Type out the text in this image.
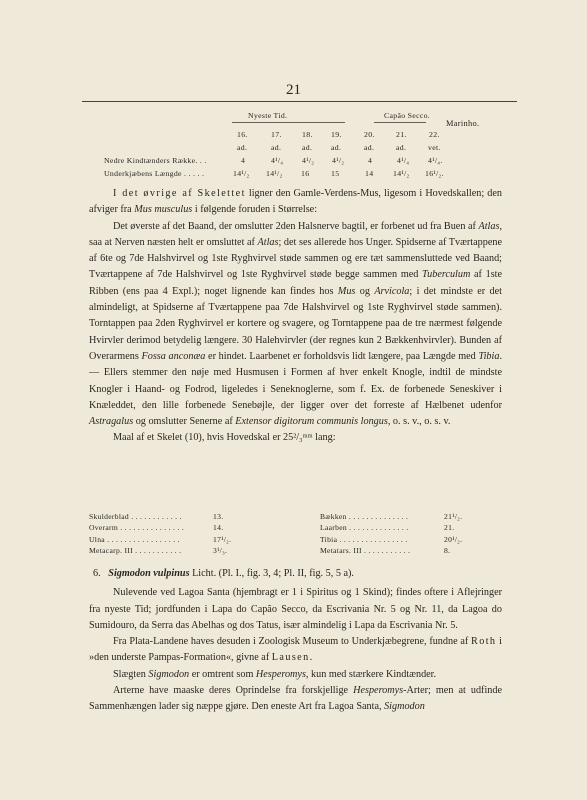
21
Nyeste Tid.	Capão Secco.
Marinho.
16.	17.	18. 19.	20.	21.	22.
ad.	ad.	ad. ad.	ad.	ad.	vet.
Nedre Kindtænders Række. . .	4	4¹/₄ 4¹/₂ 4¹/₂	4	4¹/₄ 4¹/₄.
Underkjæbens Længde . . . . .	14¹/₂ 14¹/₂ 16	15	14	14¹/₂ 16¹/₂.

I det øvrige af Skelettet ligner den Gamle-Verdens-Mus, ligesom i Hovedskallen; den afviger fra Mus musculus i følgende foruden i Størrelse:

Det øverste af det Baand, der omslutter 2den Halsnerve bagtil, er forbenet ud fra Buen af Atlas, saa at Nerven næsten helt er omsluttet af Atlas; det ses allerede hos Unger. Spidserne af Tværtappene af 6te og 7de Halshvirvel og 1ste Ryghvirvel støde sammen og ere tæt sammensluttede ved Baand; Tværtappene af 7de Halshvirvel og 1ste Ryghvirvel støde begge sammen med Tuberculum af 1ste Ribben (ens paa 4 Expl.); noget lignende kan findes hos Mus og Arvicola; i det mindste er det almindeligt, at Spidserne af Tværtappene paa 7de Halshvirvel og 1ste Ryghvirvel støde sammen). Torntappen paa 2den Ryghvirvel er kortere og svagere, og Torntappene paa de tre nærmest følgende Hvirvler derimod betydelig længere. 30 Halehvirvler (der regnes kun 2 Bækkenhvirvler). Bunden af Overarmens Fossa anconæa er hindet. Laarbenet er forholdsvis lidt længere, paa Længde med Tibia. — Ellers stemmer den nøje med Husmusen i Formen af hver enkelt Knogle, indtil de mindste Knogler i Haand- og Fodrod, ligeledes i Seneknoglerne, som f. Ex. de forbenede Seneskiver i Knæleddet, den lille forbenede Senebøjle, der ligger over det forreste af Hælbenet udenfor Astragalus og omslutter Senerne af Extensor digitorum communis longus, o. s. v., o. s. v.

Maal af et Skelet (10), hvis Hovedskal er 25²/₃ᵐᵐ lang:

Skulderblad . . . . . . . . . . . .	13.	Bækken . . . . . . . . . . . . . .	21¹/₂.
Overarm . . . . . . . . . . . . . . .	14.	Laarben . . . . . . . . . . . . . .	21.
Ulna . . . . . . . . . . . . . . . . .	17¹/₂.	Tibia . . . . . . . . . . . . . . . .	20¹/₂.
Metacarp. III . . . . . . . . . . .	3¹/₃.	Metatars. III . . . . . . . . . . .	8.

6. Sigmodon vulpinus Licht. (Pl. I., fig. 3, 4; Pl. II, fig. 5, 5 a).

Nulevende ved Lagoa Santa (hjembragt er 1 i Spiritus og 1 Skind); findes oftere i Aflejringer fra nyeste Tid; jordfunden i Lapa do Capão Secco, da Escrivania Nr. 5 og Nr. 11, da Lagoa do Sumidouro, da Serra das Abelhas og dos Tatus, især almindelig i Lapa da Escrivania Nr. 5.

Fra Plata-Landene haves desuden i Zoologisk Museum to Underkjæbegrene, fundne af Roth i »den underste Pampas-Formation«, givne af Lausen.

Slægten Sigmodon er omtrent som Hesperomys, kun med stærkere Kindtænder.

Arterne have maaske deres Oprindelse fra forskjellige Hesperomys-Arter; men at udfinde Sammenhængen lader sig næppe gjøre. Den eneste Art fra Lagoa Santa, Sigmodon
